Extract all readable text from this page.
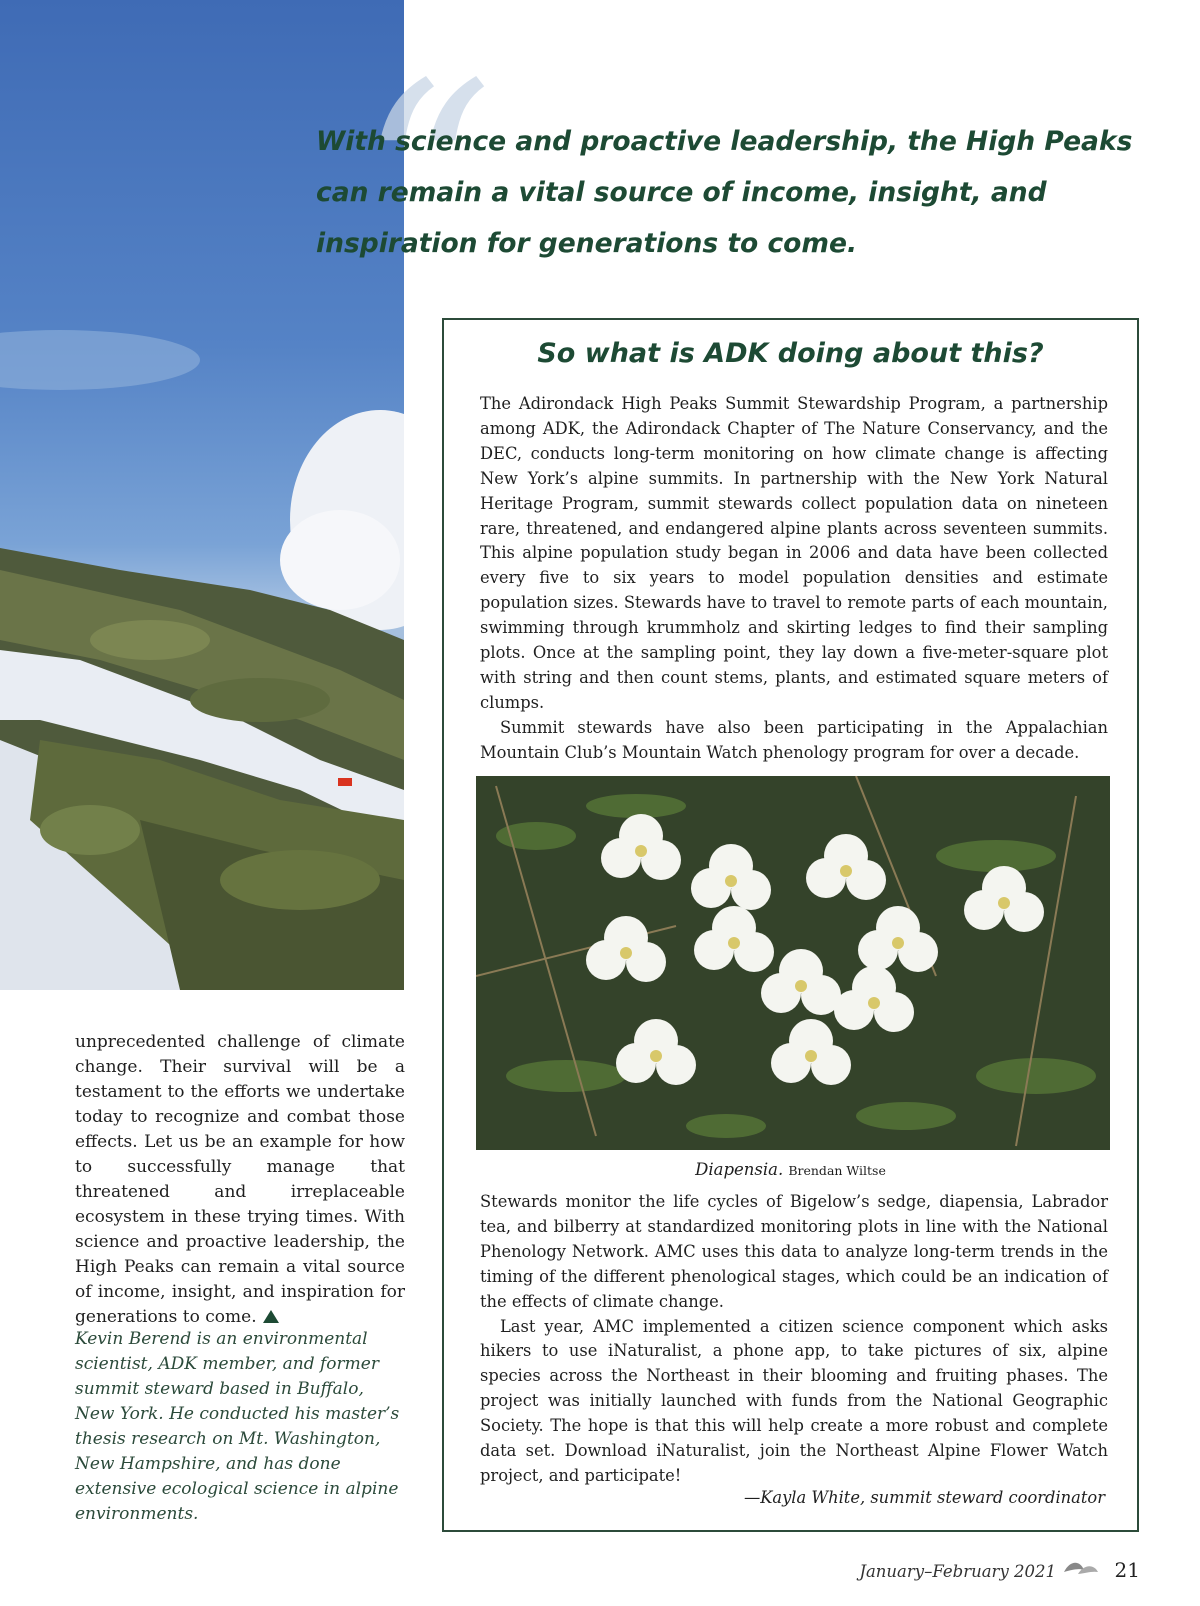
“

With science and proactive leadership, the High Peaks can remain a vital source of income, insight, and inspiration for generations to come.

unprecedented challenge of climate change. Their survival will be a testament to the efforts we undertake today to recognize and combat those effects. Let us be an example for how to successfully manage that threatened and irreplaceable ecosystem in these trying times. With science and proactive leadership, the High Peaks can remain a vital source of income, insight, and inspiration for generations to come.

Kevin Berend is an environmental scientist, ADK member, and former summit steward based in Buffalo, New York. He conducted his master’s thesis research on Mt. Washington, New Hampshire, and has done extensive ecological science in alpine environments.

So what is ADK doing about this?

The Adirondack High Peaks Summit Stewardship Program, a partnership among ADK, the Adirondack Chapter of The Nature Conservancy, and the DEC, conducts long-term monitoring on how climate change is affecting New York’s alpine summits. In partnership with the New York Natural Heritage Program, summit stewards collect population data on nineteen rare, threatened, and endangered alpine plants across seventeen summits. This alpine population study began in 2006 and data have been collected every five to six years to model population densities and estimate population sizes. Stewards have to travel to remote parts of each mountain, swimming through krummholz and skirting ledges to find their sampling plots. Once at the sampling point, they lay down a five-meter-square plot with string and then count stems, plants, and estimated square meters of clumps.
Summit stewards have also been participating in the Appalachian Mountain Club’s Mountain Watch phenology program for over a decade.

Diapensia. Brendan Wiltse

Stewards monitor the life cycles of Bigelow’s sedge, diapensia, Labrador tea, and bilberry at standardized monitoring plots in line with the National Phenology Network. AMC uses this data to analyze long-term trends in the timing of the different phenological stages, which could be an indication of the effects of climate change.
Last year, AMC implemented a citizen science component which asks hikers to use iNaturalist, a phone app, to take pictures of six, alpine species across the Northeast in their blooming and fruiting phases. The project was initially launched with funds from the National Geographic Society. The hope is that this will help create a more robust and complete data set. Download iNaturalist, join the Northeast Alpine Flower Watch project, and participate!

—Kayla White, summit steward coordinator

January–February 2021	21
